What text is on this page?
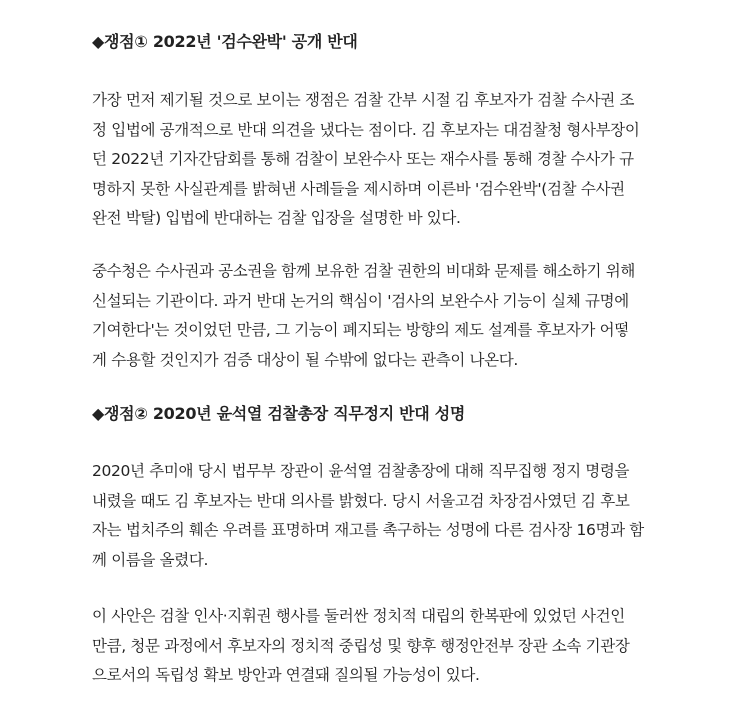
◆쟁점① 2022년 '검수완박' 공개 반대

가장 먼저 제기될 것으로 보이는 쟁점은 검찰 간부 시절 김 후보자가 검찰 수사권 조
정 입법에 공개적으로 반대 의견을 냈다는 점이다. 김 후보자는 대검찰청 형사부장이
던 2022년 기자간담회를 통해 검찰이 보완수사 또는 재수사를 통해 경찰 수사가 규
명하지 못한 사실관계를 밝혀낸 사례들을 제시하며 이른바 '검수완박'(검찰 수사권
완전 박탈) 입법에 반대하는 검찰 입장을 설명한 바 있다.

중수청은 수사권과 공소권을 함께 보유한 검찰 권한의 비대화 문제를 해소하기 위해
신설되는 기관이다. 과거 반대 논거의 핵심이 '검사의 보완수사 기능이 실체 규명에
기여한다'는 것이었던 만큼, 그 기능이 폐지되는 방향의 제도 설계를 후보자가 어떻
게 수용할 것인지가 검증 대상이 될 수밖에 없다는 관측이 나온다.

◆쟁점② 2020년 윤석열 검찰총장 직무정지 반대 성명

2020년 추미애 당시 법무부 장관이 윤석열 검찰총장에 대해 직무집행 정지 명령을
내렸을 때도 김 후보자는 반대 의사를 밝혔다. 당시 서울고검 차장검사였던 김 후보
자는 법치주의 훼손 우려를 표명하며 재고를 촉구하는 성명에 다른 검사장 16명과 함
께 이름을 올렸다.

이 사안은 검찰 인사·지휘권 행사를 둘러싼 정치적 대립의 한복판에 있었던 사건인
만큼, 청문 과정에서 후보자의 정치적 중립성 및 향후 행정안전부 장관 소속 기관장
으로서의 독립성 확보 방안과 연결돼 질의될 가능성이 있다.
